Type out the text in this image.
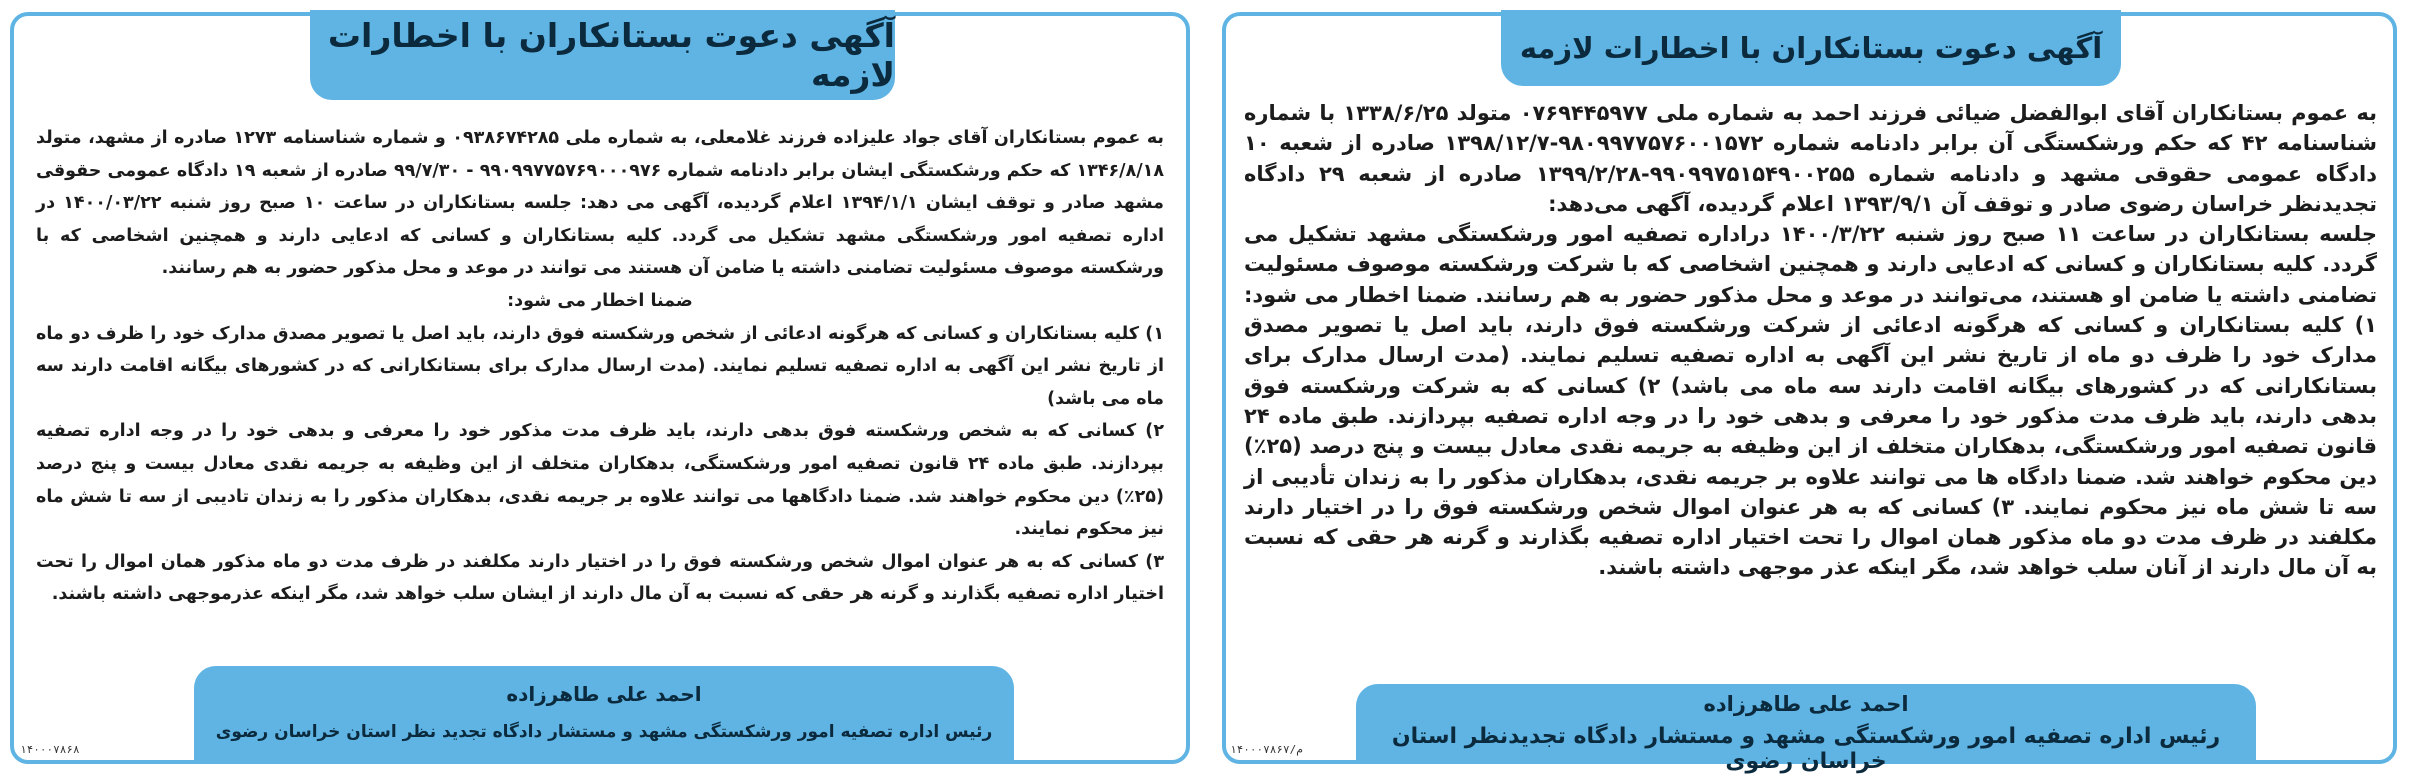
آگهی دعوت بستانکاران با اخطارات لازمه

به عموم بستانکاران آقای ابوالفضل ضیائی فرزند احمد به شماره ملی ۰۷۶۹۴۴۵۹۷۷ متولد ۱۳۳۸/۶/۲۵ با شماره شناسنامه ۴۲ که حکم ورشکستگی آن برابر دادنامه شماره ۹۸۰۹۹۷۷۵۷۶۰۰۱۵۷۲-۱۳۹۸/۱۲/۷ صادره از شعبه ۱۰ دادگاه عمومی حقوقی مشهد و دادنامه شماره ۹۹۰۹۹۷۵۱۵۴۹۰۰۲۵۵-۱۳۹۹/۲/۲۸ صادره از شعبه ۲۹ دادگاه تجدیدنظر خراسان رضوی صادر و توقف آن ۱۳۹۳/۹/۱ اعلام گردیده، آگهی می‌دهد:

جلسه بستانکاران در ساعت ۱۱ صبح روز شنبه ۱۴۰۰/۳/۲۲ دراداره تصفیه امور ورشکستگی مشهد تشکیل می گردد. کلیه بستانکاران و کسانی که ادعایی دارند و همچنین اشخاصی که با شرکت ورشکسته موصوف مسئولیت تضامنی داشته یا ضامن او هستند، می‌توانند در موعد و محل مذکور حضور به هم رسانند. ضمنا اخطار می شود: ۱) کلیه بستانکاران و کسانی که هرگونه ادعائی از شرکت ورشکسته فوق دارند، باید اصل یا تصویر مصدق مدارک خود را ظرف دو ماه از تاریخ نشر این آگهی به اداره تصفیه تسلیم نمایند. (مدت ارسال مدارک برای بستانکارانی که در کشورهای بیگانه اقامت دارند سه ماه می باشد) ۲) کسانی که به شرکت ورشکسته فوق بدهی دارند، باید ظرف مدت مذکور خود را معرفی و بدهی خود را در وجه اداره تصفیه بپردازند. طبق ماده ۲۴ قانون تصفیه امور ورشکستگی، بدهکاران متخلف از این وظیفه به جریمه نقدی معادل بیست و پنج درصد (۲۵٪) دین محکوم خواهند شد. ضمنا دادگاه ها می توانند علاوه بر جریمه نقدی، بدهکاران مذکور را به زندان تأدیبی از سه تا شش ماه نیز محکوم نمایند. ۳) کسانی که به هر عنوان اموال شخص ورشکسته فوق را در اختیار دارند مکلفند در ظرف مدت دو ماه مذکور همان اموال را تحت اختیار اداره تصفیه بگذارند و گرنه هر حقی که نسبت به آن مال دارند از آنان سلب خواهد شد، مگر اینکه عذر موجهی داشته باشند.

احمد علی طاهرزاده
رئیس اداره تصفیه امور ورشکستگی مشهد و مستشار دادگاه تجدیدنظر استان خراسان رضوی
۱۴۰۰۰۷۸۶۷/م
آگهی دعوت بستانکاران با اخطارات لازمه

به عموم بستانکاران آقای جواد علیزاده فرزند غلامعلی، به شماره ملی ۰۹۳۸۶۷۴۲۸۵ و شماره شناسنامه ۱۲۷۳ صادره از مشهد، متولد ۱۳۴۶/۸/۱۸ که حکم ورشکستگی ایشان برابر دادنامه شماره ۹۹۰۹۹۷۷۵۷۶۹۰۰۰۹۷۶ - ۹۹/۷/۳۰ صادره از شعبه ۱۹ دادگاه عمومی حقوقی مشهد صادر و توقف ایشان ۱۳۹۴/۱/۱ اعلام گردیده، آگهی می دهد: جلسه بستانکاران در ساعت ۱۰ صبح روز شنبه ۱۴۰۰/۰۳/۲۲ در اداره تصفیه امور ورشکستگی مشهد تشکیل می گردد. کلیه بستانکاران و کسانی که ادعایی دارند و همچنین اشخاصی که با ورشکسته موصوف مسئولیت تضامنی داشته یا ضامن آن هستند می توانند در موعد و محل مذکور حضور به هم رسانند.

ضمنا اخطار می شود:

۱) کلیه بستانکاران و کسانی که هرگونه ادعائی از شخص ورشکسته فوق دارند، باید اصل یا تصویر مصدق مدارک خود را ظرف دو ماه از تاریخ نشر این آگهی به اداره تصفیه تسلیم نمایند. (مدت ارسال مدارک برای بستانکارانی که در کشورهای بیگانه اقامت دارند سه ماه می باشد)

۲) کسانی که به شخص ورشکسته فوق بدهی دارند، باید ظرف مدت مذکور خود را معرفی و بدهی خود را در وجه اداره تصفیه بپردازند. طبق ماده ۲۴ قانون تصفیه امور ورشکستگی، بدهکاران متخلف از این وظیفه به جریمه نقدی معادل بیست و پنج درصد (۲۵٪) دین محکوم خواهند شد. ضمنا دادگاهها می توانند علاوه بر جریمه نقدی، بدهکاران مذکور را به زندان تادیبی از سه تا شش ماه نیز محکوم نمایند.

۳) کسانی که به هر عنوان اموال شخص ورشکسته فوق را در اختیار دارند مکلفند در ظرف مدت دو ماه مذکور همان اموال را تحت اختیار اداره تصفیه بگذارند و گرنه هر حقی که نسبت به آن مال دارند از ایشان سلب خواهد شد، مگر اینکه عذرموجهی داشته باشند.

احمد علی طاهرزاده
رئیس اداره تصفیه امور ورشکستگی مشهد و مستشار دادگاه تجدید نظر استان خراسان رضوی
۱۴۰۰۰۷۸۶۸
